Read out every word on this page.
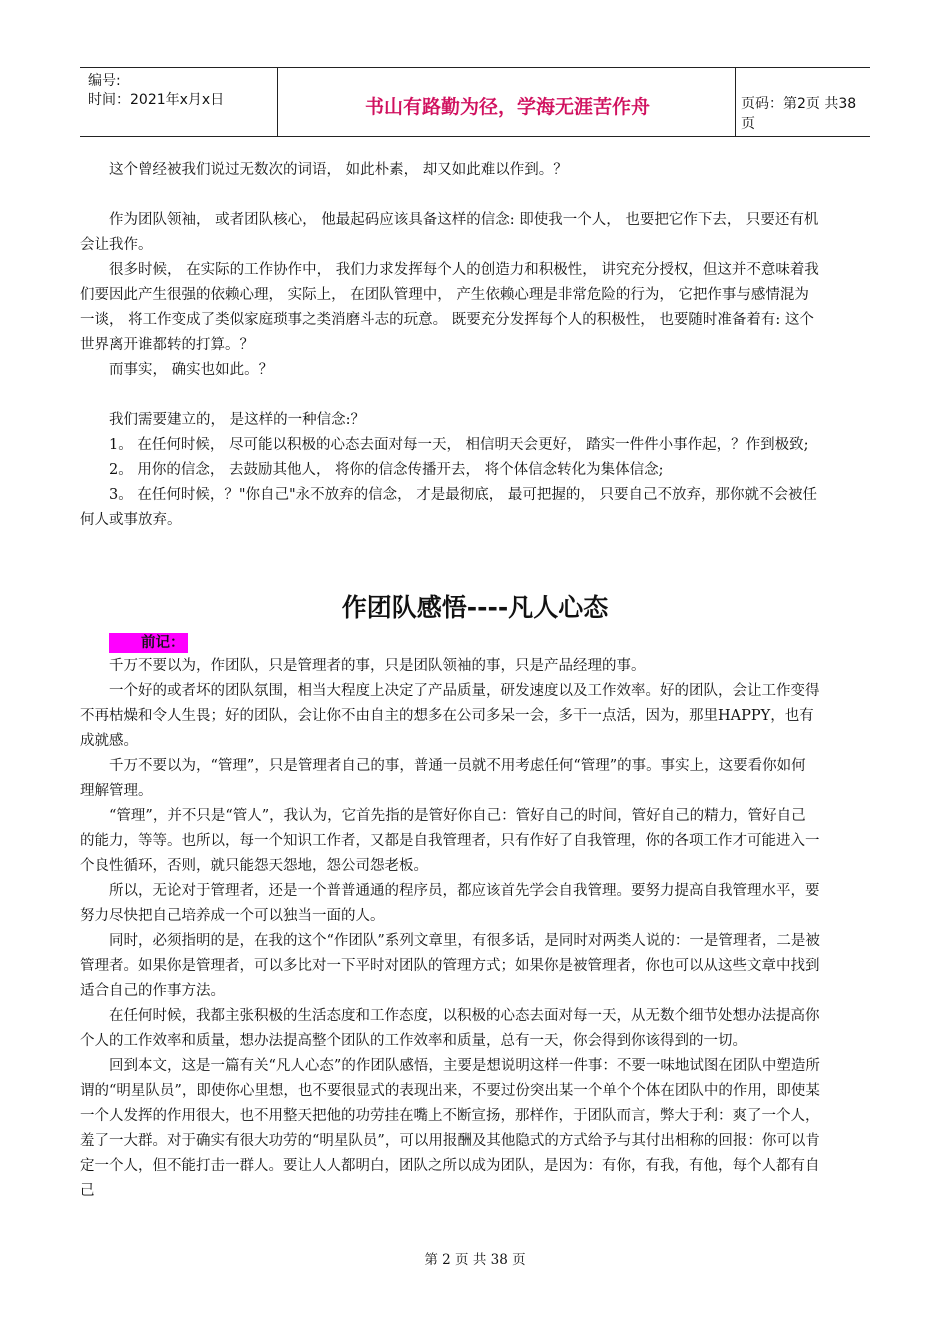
编号:
时间：2021年x月x日	书山有路勤为径，学海无涯苦作舟	页码：第2页 共38页

这个曾经被我们说过无数次的词语， 如此朴素， 却又如此难以作到。？

作为团队领袖， 或者团队核心， 他最起码应该具备这样的信念: 即使我一个人， 也要把它作下去， 只要还有机会让我作。

很多时候， 在实际的工作协作中， 我们力求发挥每个人的创造力和积极性， 讲究充分授权，但这并不意味着我们要因此产生很强的依赖心理， 实际上， 在团队管理中， 产生依赖心理是非常危险的行为， 它把作事与感情混为一谈， 将工作变成了类似家庭琐事之类消磨斗志的玩意。 既要充分发挥每个人的积极性， 也要随时准备着有: 这个世界离开谁都转的打算。？

而事实， 确实也如此。？

我们需要建立的， 是这样的一种信念:？

1。 在任何时候， 尽可能以积极的心态去面对每一天， 相信明天会更好， 踏实一件件小事作起，？作到极致;

2。 用你的信念， 去鼓励其他人， 将你的信念传播开去， 将个体信念转化为集体信念;

3。 在任何时候，？"你自己"永不放弃的信念， 才是最彻底， 最可把握的， 只要自己不放弃，那你就不会被任何人或事放弃。

作团队感悟----凡人心态

前记：

千万不要以为，作团队，只是管理者的事，只是团队领袖的事，只是产品经理的事。

一个好的或者坏的团队氛围，相当大程度上决定了产品质量，研发速度以及工作效率。好的团队，会让工作变得不再枯燥和令人生畏；好的团队，会让你不由自主的想多在公司多呆一会，多干一点活，因为，那里HAPPY，也有成就感。

千万不要以为，“管理”，只是管理者自己的事，普通一员就不用考虑任何“管理”的事。事实上，这要看你如何理解管理。

“管理”，并不只是“管人”，我认为，它首先指的是管好你自己：管好自己的时间，管好自己的精力，管好自己的能力，等等。也所以，每一个知识工作者，又都是自我管理者，只有作好了自我管理，你的各项工作才可能进入一个良性循环，否则，就只能怨天怨地，怨公司怨老板。

所以，无论对于管理者，还是一个普普通通的程序员，都应该首先学会自我管理。要努力提高自我管理水平，要努力尽快把自己培养成一个可以独当一面的人。

同时，必须指明的是，在我的这个“作团队”系列文章里，有很多话，是同时对两类人说的：一是管理者，二是被管理者。如果你是管理者，可以多比对一下平时对团队的管理方式；如果你是被管理者，你也可以从这些文章中找到适合自己的作事方法。

在任何时候，我都主张积极的生活态度和工作态度，以积极的心态去面对每一天，从无数个细节处想办法提高你个人的工作效率和质量，想办法提高整个团队的工作效率和质量，总有一天，你会得到你该得到的一切。

回到本文，这是一篇有关“凡人心态”的作团队感悟，主要是想说明这样一件事：不要一味地试图在团队中塑造所谓的“明星队员”，即使你心里想，也不要很显式的表现出来，不要过份突出某一个单个个体在团队中的作用，即使某一个人发挥的作用很大，也不用整天把他的功劳挂在嘴上不断宣扬，那样作，于团队而言，弊大于利：爽了一个人，羞了一大群。对于确实有很大功劳的“明星队员”，可以用报酬及其他隐式的方式给予与其付出相称的回报：你可以肯定一个人，但不能打击一群人。要让人人都明白，团队之所以成为团队，是因为：有你，有我，有他，每个人都有自己

第 2 页 共 38 页
